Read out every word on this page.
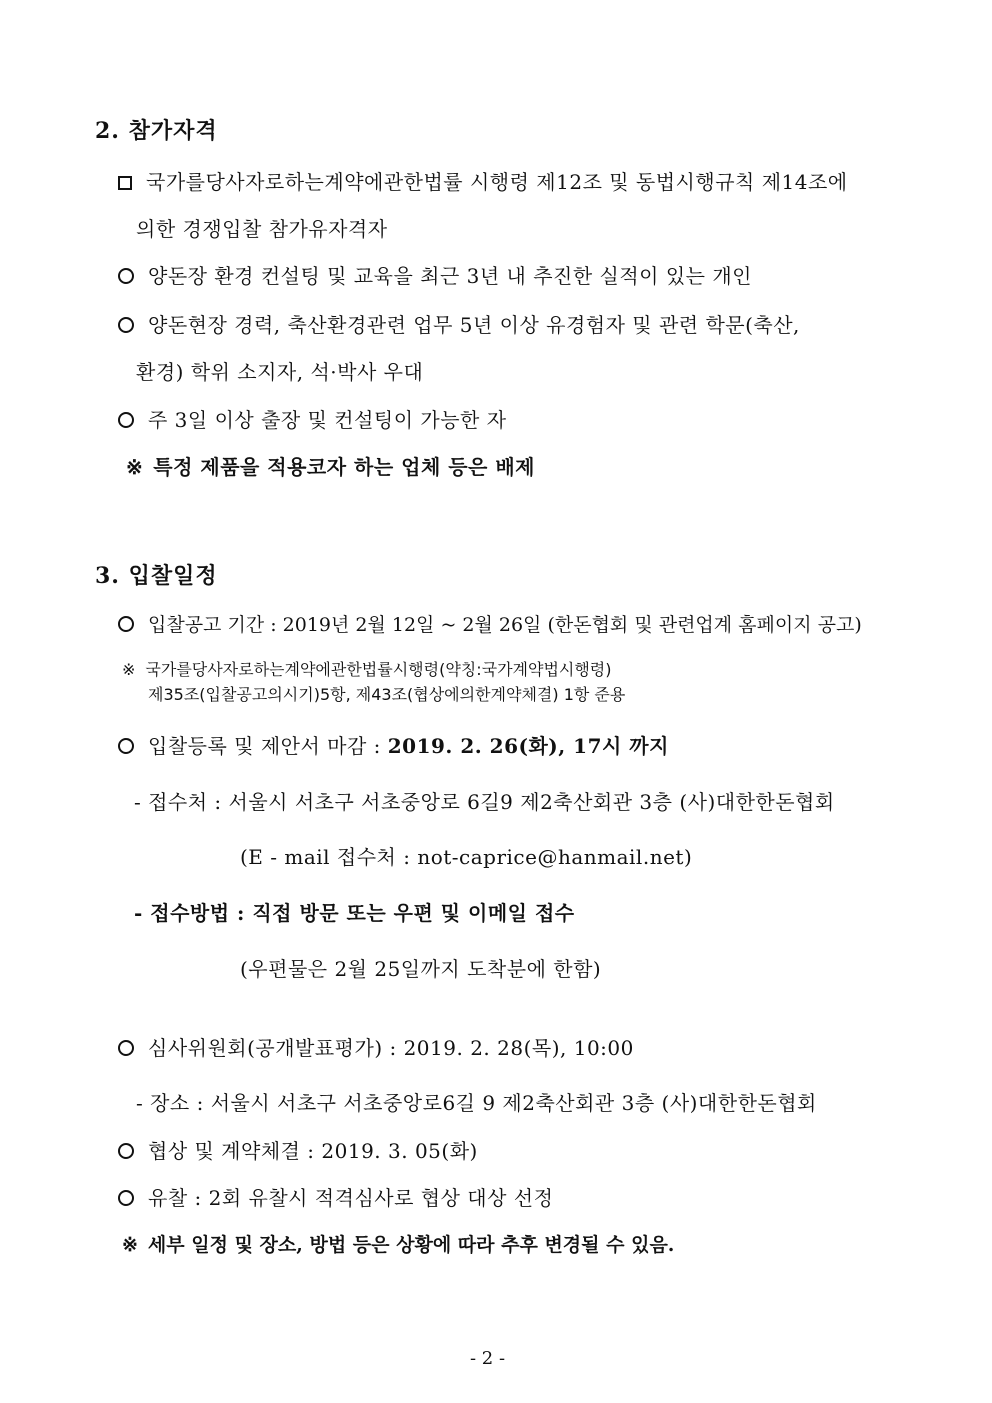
2. 참가자격
국가를당사자로하는계약에관한법률 시행령 제12조 및 동법시행규칙 제14조에
의한 경쟁입찰 참가유자격자
양돈장 환경 컨설팅 및 교육을 최근 3년 내 추진한 실적이 있는 개인
양돈현장 경력, 축산환경관련 업무 5년 이상 유경험자 및 관련 학문(축산,
환경) 학위 소지자, 석·박사 우대
주 3일 이상 출장 및 컨설팅이 가능한 자
※ 특정 제품을 적용코자 하는 업체 등은 배제
3. 입찰일정
입찰공고 기간 : 2019년 2월 12일 ~ 2월 26일 (한돈협회 및 관련업계 홈페이지 공고)
※ 국가를당사자로하는계약에관한법률시행령(약칭:국가계약법시행령)
제35조(입찰공고의시기)5항, 제43조(협상에의한계약체결) 1항 준용
입찰등록 및 제안서 마감 : 2019. 2. 26(화), 17시 까지
- 접수처 : 서울시 서초구 서초중앙로 6길9 제2축산회관 3층 (사)대한한돈협회
(E - mail 접수처 : not-caprice@hanmail.net)
- 접수방법 : 직접 방문 또는 우편 및 이메일 접수
(우편물은 2월 25일까지 도착분에 한함)
심사위원회(공개발표평가) : 2019. 2. 28(목), 10:00
- 장소 : 서울시 서초구 서초중앙로6길 9 제2축산회관 3층 (사)대한한돈협회
협상 및 계약체결 : 2019. 3. 05(화)
유찰 : 2회 유찰시 적격심사로 협상 대상 선정
※ 세부 일정 및 장소, 방법 등은 상황에 따라 추후 변경될 수 있음.
- 2 -
